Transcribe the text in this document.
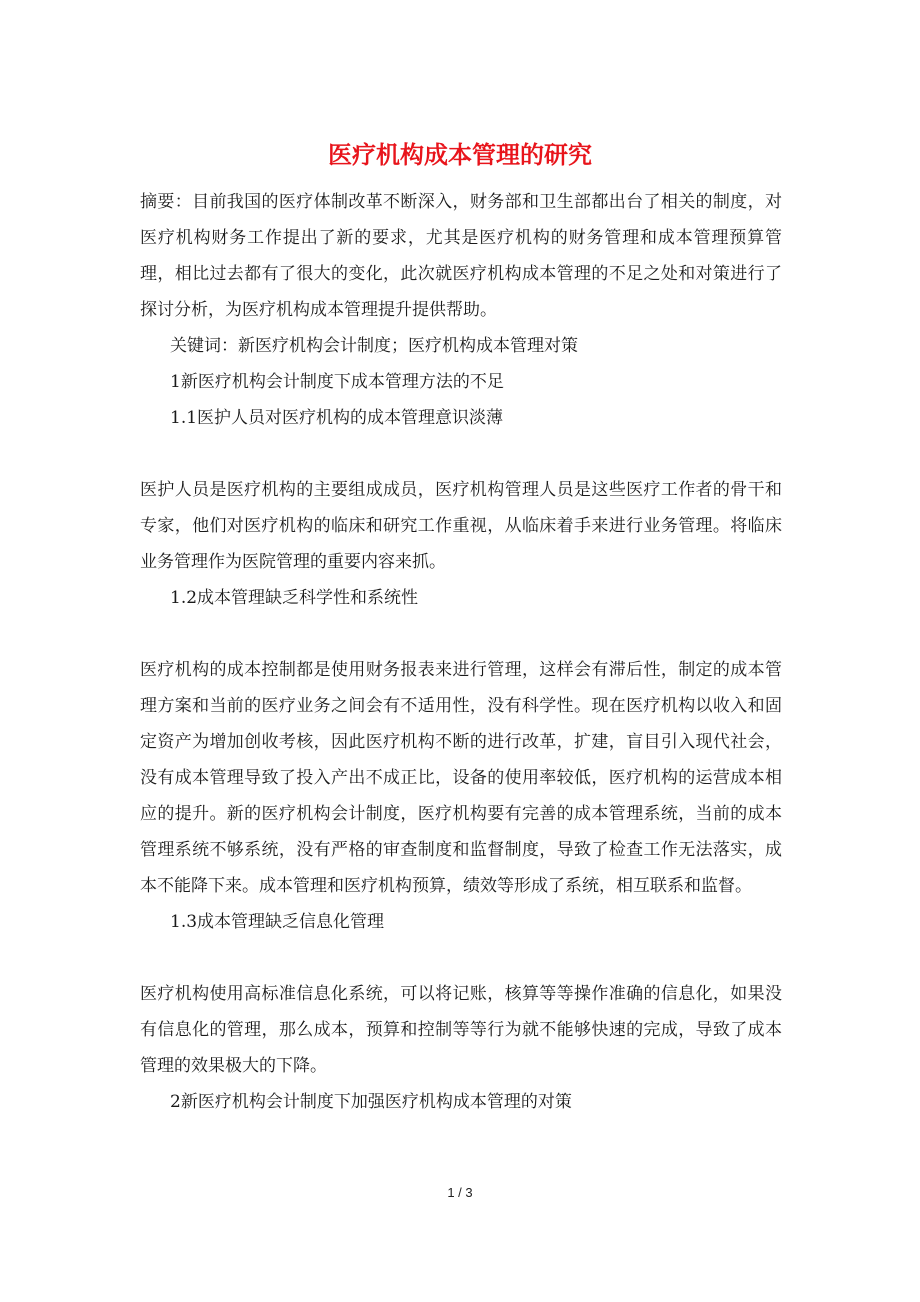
医疗机构成本管理的研究

摘要：目前我国的医疗体制改革不断深入，财务部和卫生部都出台了相关的制度，对医疗机构财务工作提出了新的要求，尤其是医疗机构的财务管理和成本管理预算管理，相比过去都有了很大的变化，此次就医疗机构成本管理的不足之处和对策进行了探讨分析，为医疗机构成本管理提升提供帮助。

关键词：新医疗机构会计制度；医疗机构成本管理对策

1新医疗机构会计制度下成本管理方法的不足

1.1医护人员对医疗机构的成本管理意识淡薄

医护人员是医疗机构的主要组成成员，医疗机构管理人员是这些医疗工作者的骨干和专家，他们对医疗机构的临床和研究工作重视，从临床着手来进行业务管理。将临床业务管理作为医院管理的重要内容来抓。

1.2成本管理缺乏科学性和系统性

医疗机构的成本控制都是使用财务报表来进行管理，这样会有滞后性，制定的成本管理方案和当前的医疗业务之间会有不适用性，没有科学性。现在医疗机构以收入和固定资产为增加创收考核，因此医疗机构不断的进行改革，扩建，盲目引入现代社会，没有成本管理导致了投入产出不成正比，设备的使用率较低，医疗机构的运营成本相应的提升。新的医疗机构会计制度，医疗机构要有完善的成本管理系统，当前的成本管理系统不够系统，没有严格的审查制度和监督制度，导致了检查工作无法落实，成本不能降下来。成本管理和医疗机构预算，绩效等形成了系统，相互联系和监督。

1.3成本管理缺乏信息化管理

医疗机构使用高标准信息化系统，可以将记账，核算等等操作准确的信息化，如果没有信息化的管理，那么成本，预算和控制等等行为就不能够快速的完成，导致了成本管理的效果极大的下降。

2新医疗机构会计制度下加强医疗机构成本管理的对策

1 / 3
